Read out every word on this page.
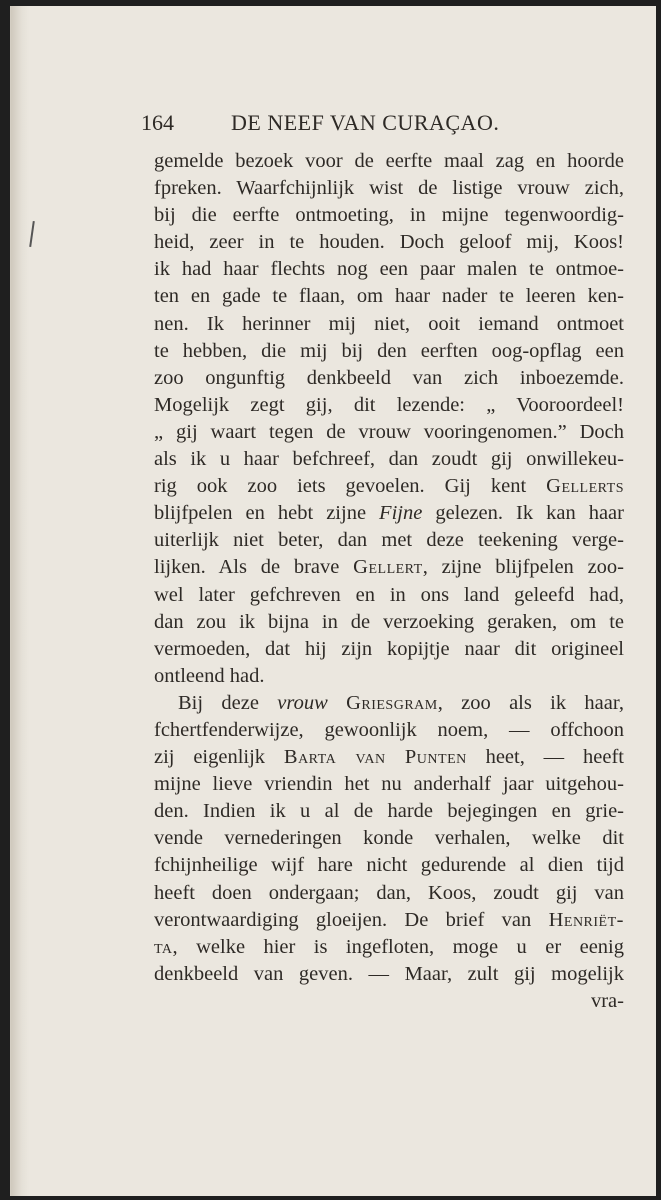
164	DE NEEF VAN CURAÇAO.
gemelde bezoek voor de eerfte maal zag en hoorde
fpreken. Waarfchijnlijk wist de listige vrouw zich,
bij die eerfte ontmoeting, in mijne tegenwoordig-
heid, zeer in te houden. Doch geloof mij, Koos!
ik had haar flechts nog een paar malen te ontmoe-
ten en gade te flaan, om haar nader te leeren ken-
nen. Ik herinner mij niet, ooit iemand ontmoet
te hebben, die mij bij den eerften oog-opflag een
zoo ongunftig denkbeeld van zich inboezemde.
Mogelijk zegt gij, dit lezende: „ Vooroordeel!
„ gij waart tegen de vrouw vooringenomen.” Doch
als ik u haar befchreef, dan zoudt gij onwillekeu-
rig ook zoo iets gevoelen. Gij kent Gellerts
blijfpelen en hebt zijne Fijne gelezen. Ik kan haar
uiterlijk niet beter, dan met deze teekening verge-
lijken. Als de brave Gellert, zijne blijfpelen zoo-
wel later gefchreven en in ons land geleefd had,
dan zou ik bijna in de verzoeking geraken, om te
vermoeden, dat hij zijn kopijtje naar dit origineel
ontleend had.
Bij deze vrouw Griesgram, zoo als ik haar,
fchertfenderwijze, gewoonlijk noem, — offchoon
zij eigenlijk Barta van Punten heet, — heeft
mijne lieve vriendin het nu anderhalf jaar uitgehou-
den. Indien ik u al de harde bejegingen en grie-
vende vernederingen konde verhalen, welke dit
fchijnheilige wijf hare nicht gedurende al dien tijd
heeft doen ondergaan; dan, Koos, zoudt gij van
verontwaardiging gloeijen. De brief van Henriët-
ta, welke hier is ingefloten, moge u er eenig
denkbeeld van geven. — Maar, zult gij mogelijk
vra-
